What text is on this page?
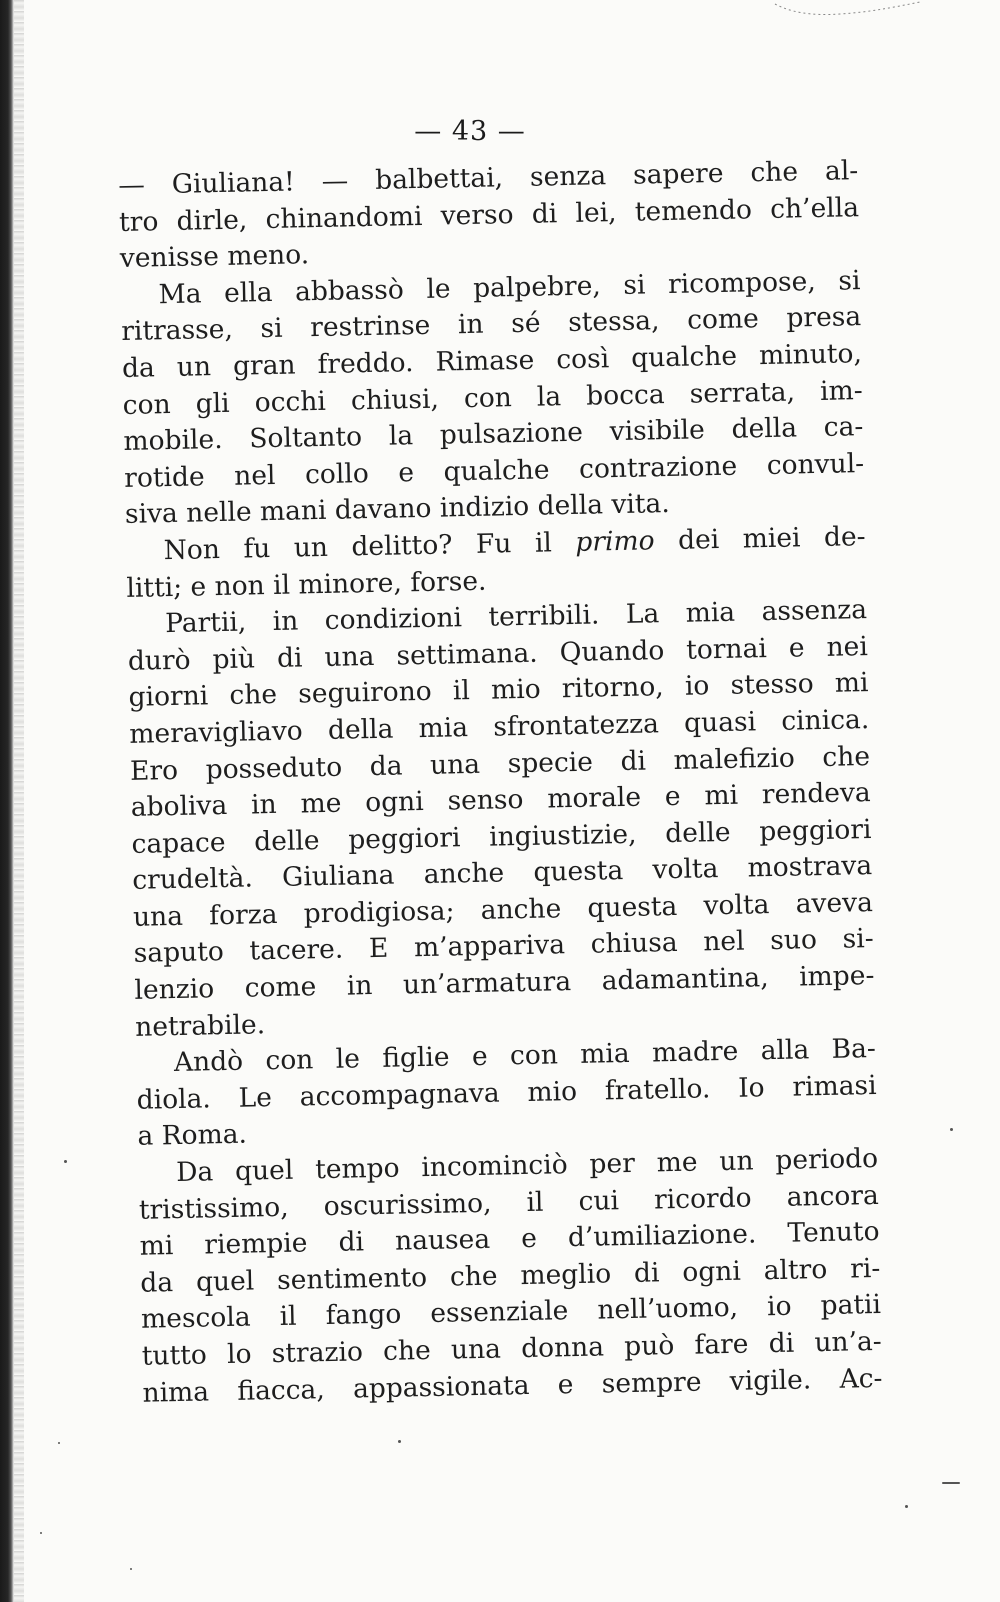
— 43 —
— Giuliana! — balbettai, senza sapere che al-
tro dirle, chinandomi verso di lei, temendo ch’ella
venisse meno.
Ma ella abbassò le palpebre, si ricompose, si
ritrasse, si restrinse in sé stessa, come presa
da un gran freddo. Rimase così qualche minuto,
con gli occhi chiusi, con la bocca serrata, im-
mobile. Soltanto la pulsazione visibile della ca-
rotide nel collo e qualche contrazione convul-
siva nelle mani davano indizio della vita.
Non fu un delitto? Fu il primo dei miei de-
litti; e non il minore, forse.
Partii, in condizioni terribili. La mia assenza
durò più di una settimana. Quando tornai e nei
giorni che seguirono il mio ritorno, io stesso mi
meravigliavo della mia sfrontatezza quasi cinica.
Ero posseduto da una specie di malefizio che
aboliva in me ogni senso morale e mi rendeva
capace delle peggiori ingiustizie, delle peggiori
crudeltà. Giuliana anche questa volta mostrava
una forza prodigiosa; anche questa volta aveva
saputo tacere. E m’appariva chiusa nel suo si-
lenzio come in un’armatura adamantina, impe-
netrabile.
Andò con le figlie e con mia madre alla Ba-
diola. Le accompagnava mio fratello. Io rimasi
a Roma.
Da quel tempo incominciò per me un periodo
tristissimo, oscurissimo, il cui ricordo ancora
mi riempie di nausea e d’umiliazione. Tenuto
da quel sentimento che meglio di ogni altro ri-
mescola il fango essenziale nell’uomo, io patii
tutto lo strazio che una donna può fare di un’a-
nima fiacca, appassionata e sempre vigile. Ac-
